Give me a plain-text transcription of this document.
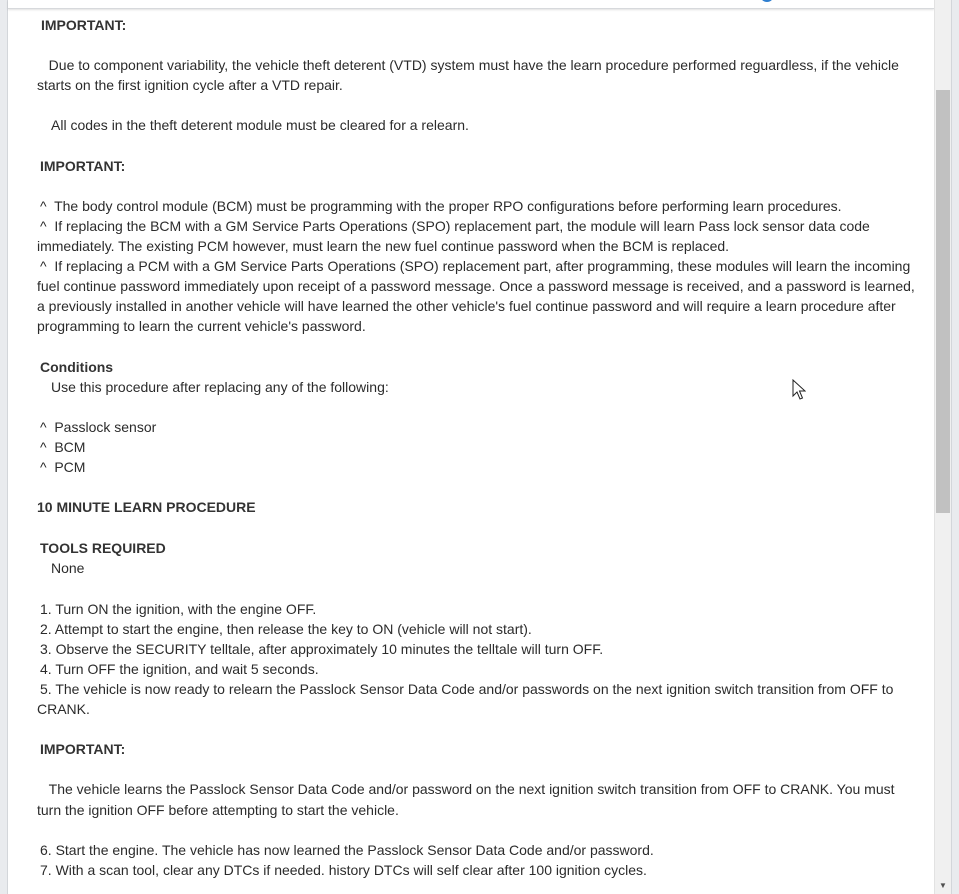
IMPORTANT:

Due to component variability, the vehicle theft deterent (VTD) system must have the learn procedure performed reguardless, if the vehicle starts on the first ignition cycle after a VTD repair.

All codes in the theft deterent module must be cleared for a relearn.

IMPORTANT:

^  The body control module (BCM) must be programming with the proper RPO configurations before performing learn procedures.

^  If replacing the BCM with a GM Service Parts Operations (SPO) replacement part, the module will learn Pass lock sensor data code immediately. The existing PCM however, must learn the new fuel continue password when the BCM is replaced.

^  If replacing a PCM with a GM Service Parts Operations (SPO) replacement part, after programming, these modules will learn the incoming fuel continue password immediately upon receipt of a password message. Once a password message is received, and a password is learned, a previously installed in another vehicle will have learned the other vehicle's fuel continue password and will require a learn procedure after programming to learn the current vehicle's password.

Conditions

Use this procedure after replacing any of the following:

^  Passlock sensor

^  BCM

^  PCM

10 MINUTE LEARN PROCEDURE

TOOLS REQUIRED

None

1. Turn ON the ignition, with the engine OFF.

2. Attempt to start the engine, then release the key to ON (vehicle will not start).

3. Observe the SECURITY telltale, after approximately 10 minutes the telltale will turn OFF.

4. Turn OFF the ignition, and wait 5 seconds.

5. The vehicle is now ready to relearn the Passlock Sensor Data Code and/or passwords on the next ignition switch transition from OFF to CRANK.

IMPORTANT:

The vehicle learns the Passlock Sensor Data Code and/or password on the next ignition switch transition from OFF to CRANK. You must turn the ignition OFF before attempting to start the vehicle.

6. Start the engine. The vehicle has now learned the Passlock Sensor Data Code and/or password.

7. With a scan tool, clear any DTCs if needed. history DTCs will self clear after 100 ignition cycles.

▼
